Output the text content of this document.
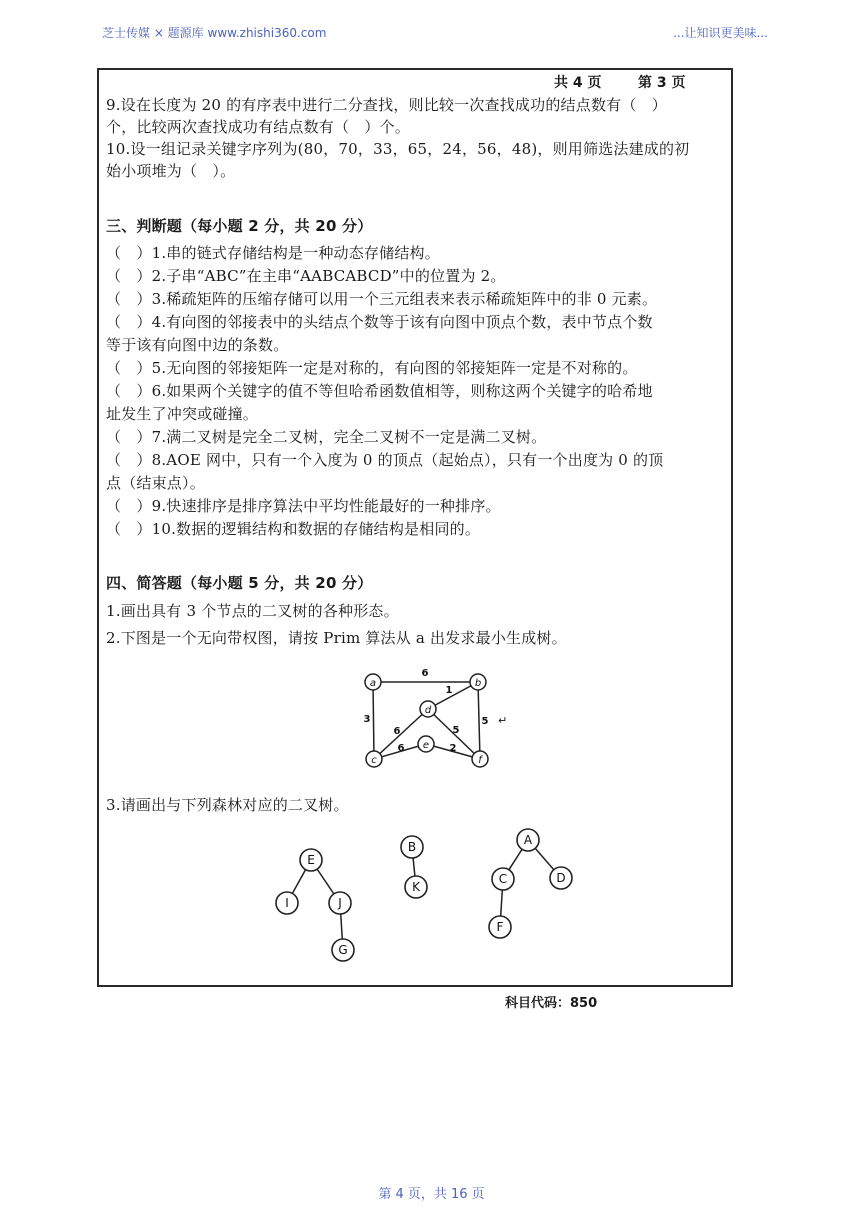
芝士传媒 × 题源库 www.zhishi360.com	...让知识更美味...
共 4 页	第 3 页
9.设在长度为 20 的有序表中进行二分查找，则比较一次查找成功的结点数有（　）
个，比较两次查找成功有结点数有（　）个。
10.设一组记录关键字序列为(80，70，33，65，24，56，48)，则用筛选法建成的初
始小项堆为（　）。
三、判断题（每小题 2 分，共 20 分）
（　）1.串的链式存储结构是一种动态存储结构。
（　）2.子串“ABC”在主串“AABCABCD”中的位置为 2。
（　）3.稀疏矩阵的压缩存储可以用一个三元组表来表示稀疏矩阵中的非 0 元素。
（　）4.有向图的邻接表中的头结点个数等于该有向图中顶点个数，表中节点个数
等于该有向图中边的条数。
（　）5.无向图的邻接矩阵一定是对称的，有向图的邻接矩阵一定是不对称的。
（　）6.如果两个关键字的值不等但哈希函数值相等，则称这两个关键字的哈希地
址发生了冲突或碰撞。
（　）7.满二叉树是完全二叉树，完全二叉树不一定是满二叉树。
（　）8.AOE 网中，只有一个入度为 0 的顶点（起始点），只有一个出度为 0 的顶
点（结束点）。
（　）9.快速排序是排序算法中平均性能最好的一种排序。
（　）10.数据的逻辑结构和数据的存储结构是相同的。
四、简答题（每小题 5 分，共 20 分）
1.画出具有 3 个节点的二叉树的各种形态。
2.下图是一个无向带权图，请按 Prim 算法从 a 出发求最小生成树。
a	b
c
d
e
f
6
3
1
5
6	5
6	2
↵
3.请画出与下列森林对应的二叉树。
E
I	J
G
B
K
A
C	D
F
科目代码：850
第 4 页，共 16 页
